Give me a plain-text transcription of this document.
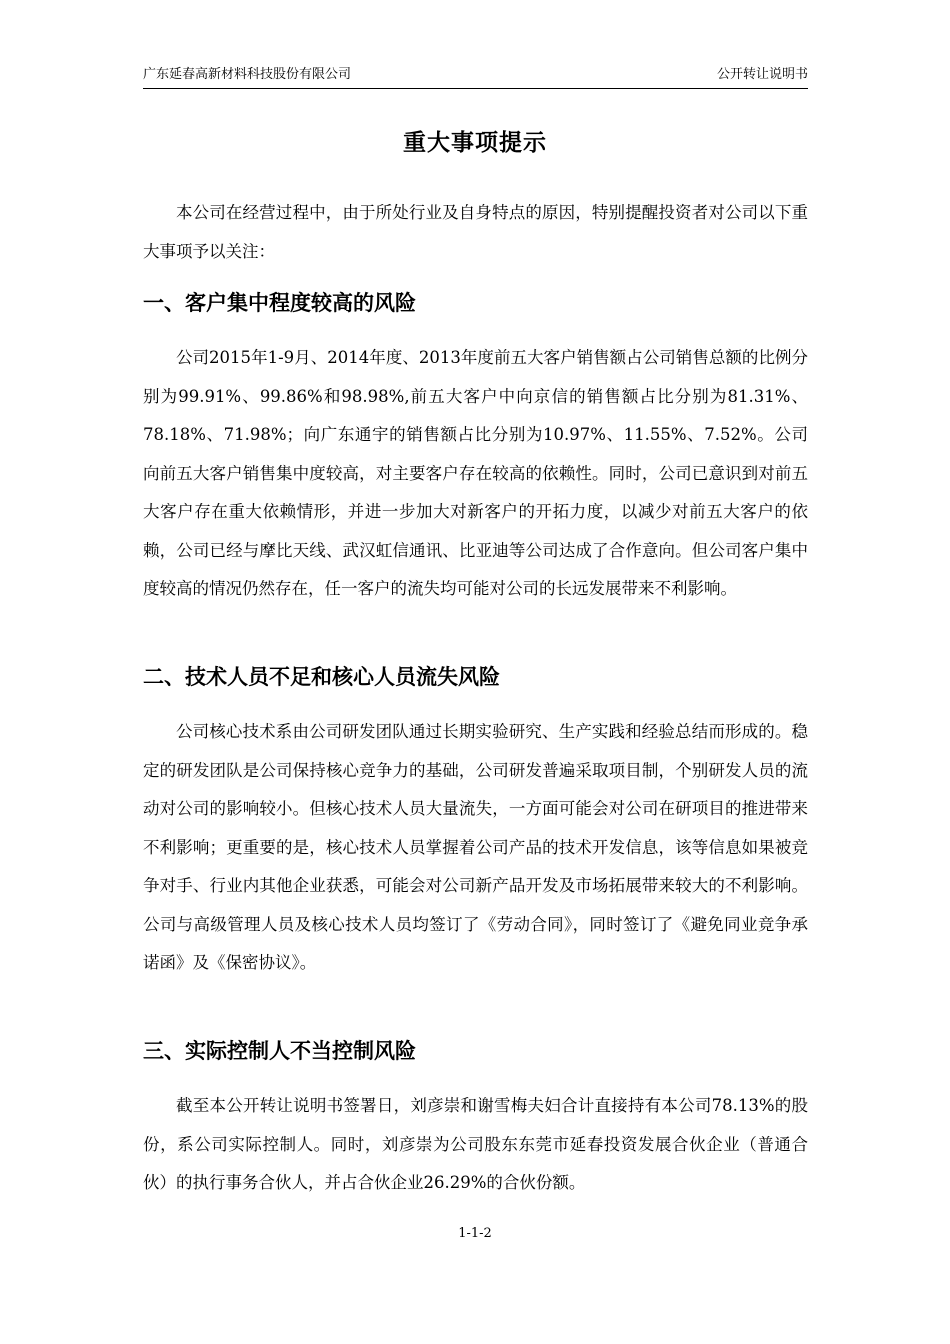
广东延春高新材料科技股份有限公司	公开转让说明书
重大事项提示

本公司在经营过程中，由于所处行业及自身特点的原因，特别提醒投资者对公司以下重大事项予以关注：

一、客户集中程度较高的风险

公司2015年1-9月、2014年度、2013年度前五大客户销售额占公司销售总额的比例分别为99.91%、99.86%和98.98%,前五大客户中向京信的销售额占比分别为81.31%、78.18%、71.98%；向广东通宇的销售额占比分别为10.97%、11.55%、7.52%。公司向前五大客户销售集中度较高，对主要客户存在较高的依赖性。同时，公司已意识到对前五大客户存在重大依赖情形，并进一步加大对新客户的开拓力度，以减少对前五大客户的依赖，公司已经与摩比天线、武汉虹信通讯、比亚迪等公司达成了合作意向。但公司客户集中度较高的情况仍然存在，任一客户的流失均可能对公司的长远发展带来不利影响。

二、技术人员不足和核心人员流失风险

公司核心技术系由公司研发团队通过长期实验研究、生产实践和经验总结而形成的。稳定的研发团队是公司保持核心竞争力的基础，公司研发普遍采取项目制，个别研发人员的流动对公司的影响较小。但核心技术人员大量流失，一方面可能会对公司在研项目的推进带来不利影响；更重要的是，核心技术人员掌握着公司产品的技术开发信息，该等信息如果被竞争对手、行业内其他企业获悉，可能会对公司新产品开发及市场拓展带来较大的不利影响。公司与高级管理人员及核心技术人员均签订了《劳动合同》，同时签订了《避免同业竞争承诺函》及《保密协议》。

三、实际控制人不当控制风险

截至本公开转让说明书签署日，刘彦崇和谢雪梅夫妇合计直接持有本公司78.13%的股份，系公司实际控制人。同时，刘彦崇为公司股东东莞市延春投资发展合伙企业（普通合伙）的执行事务合伙人，并占合伙企业26.29%的合伙份额。

1-1-2
